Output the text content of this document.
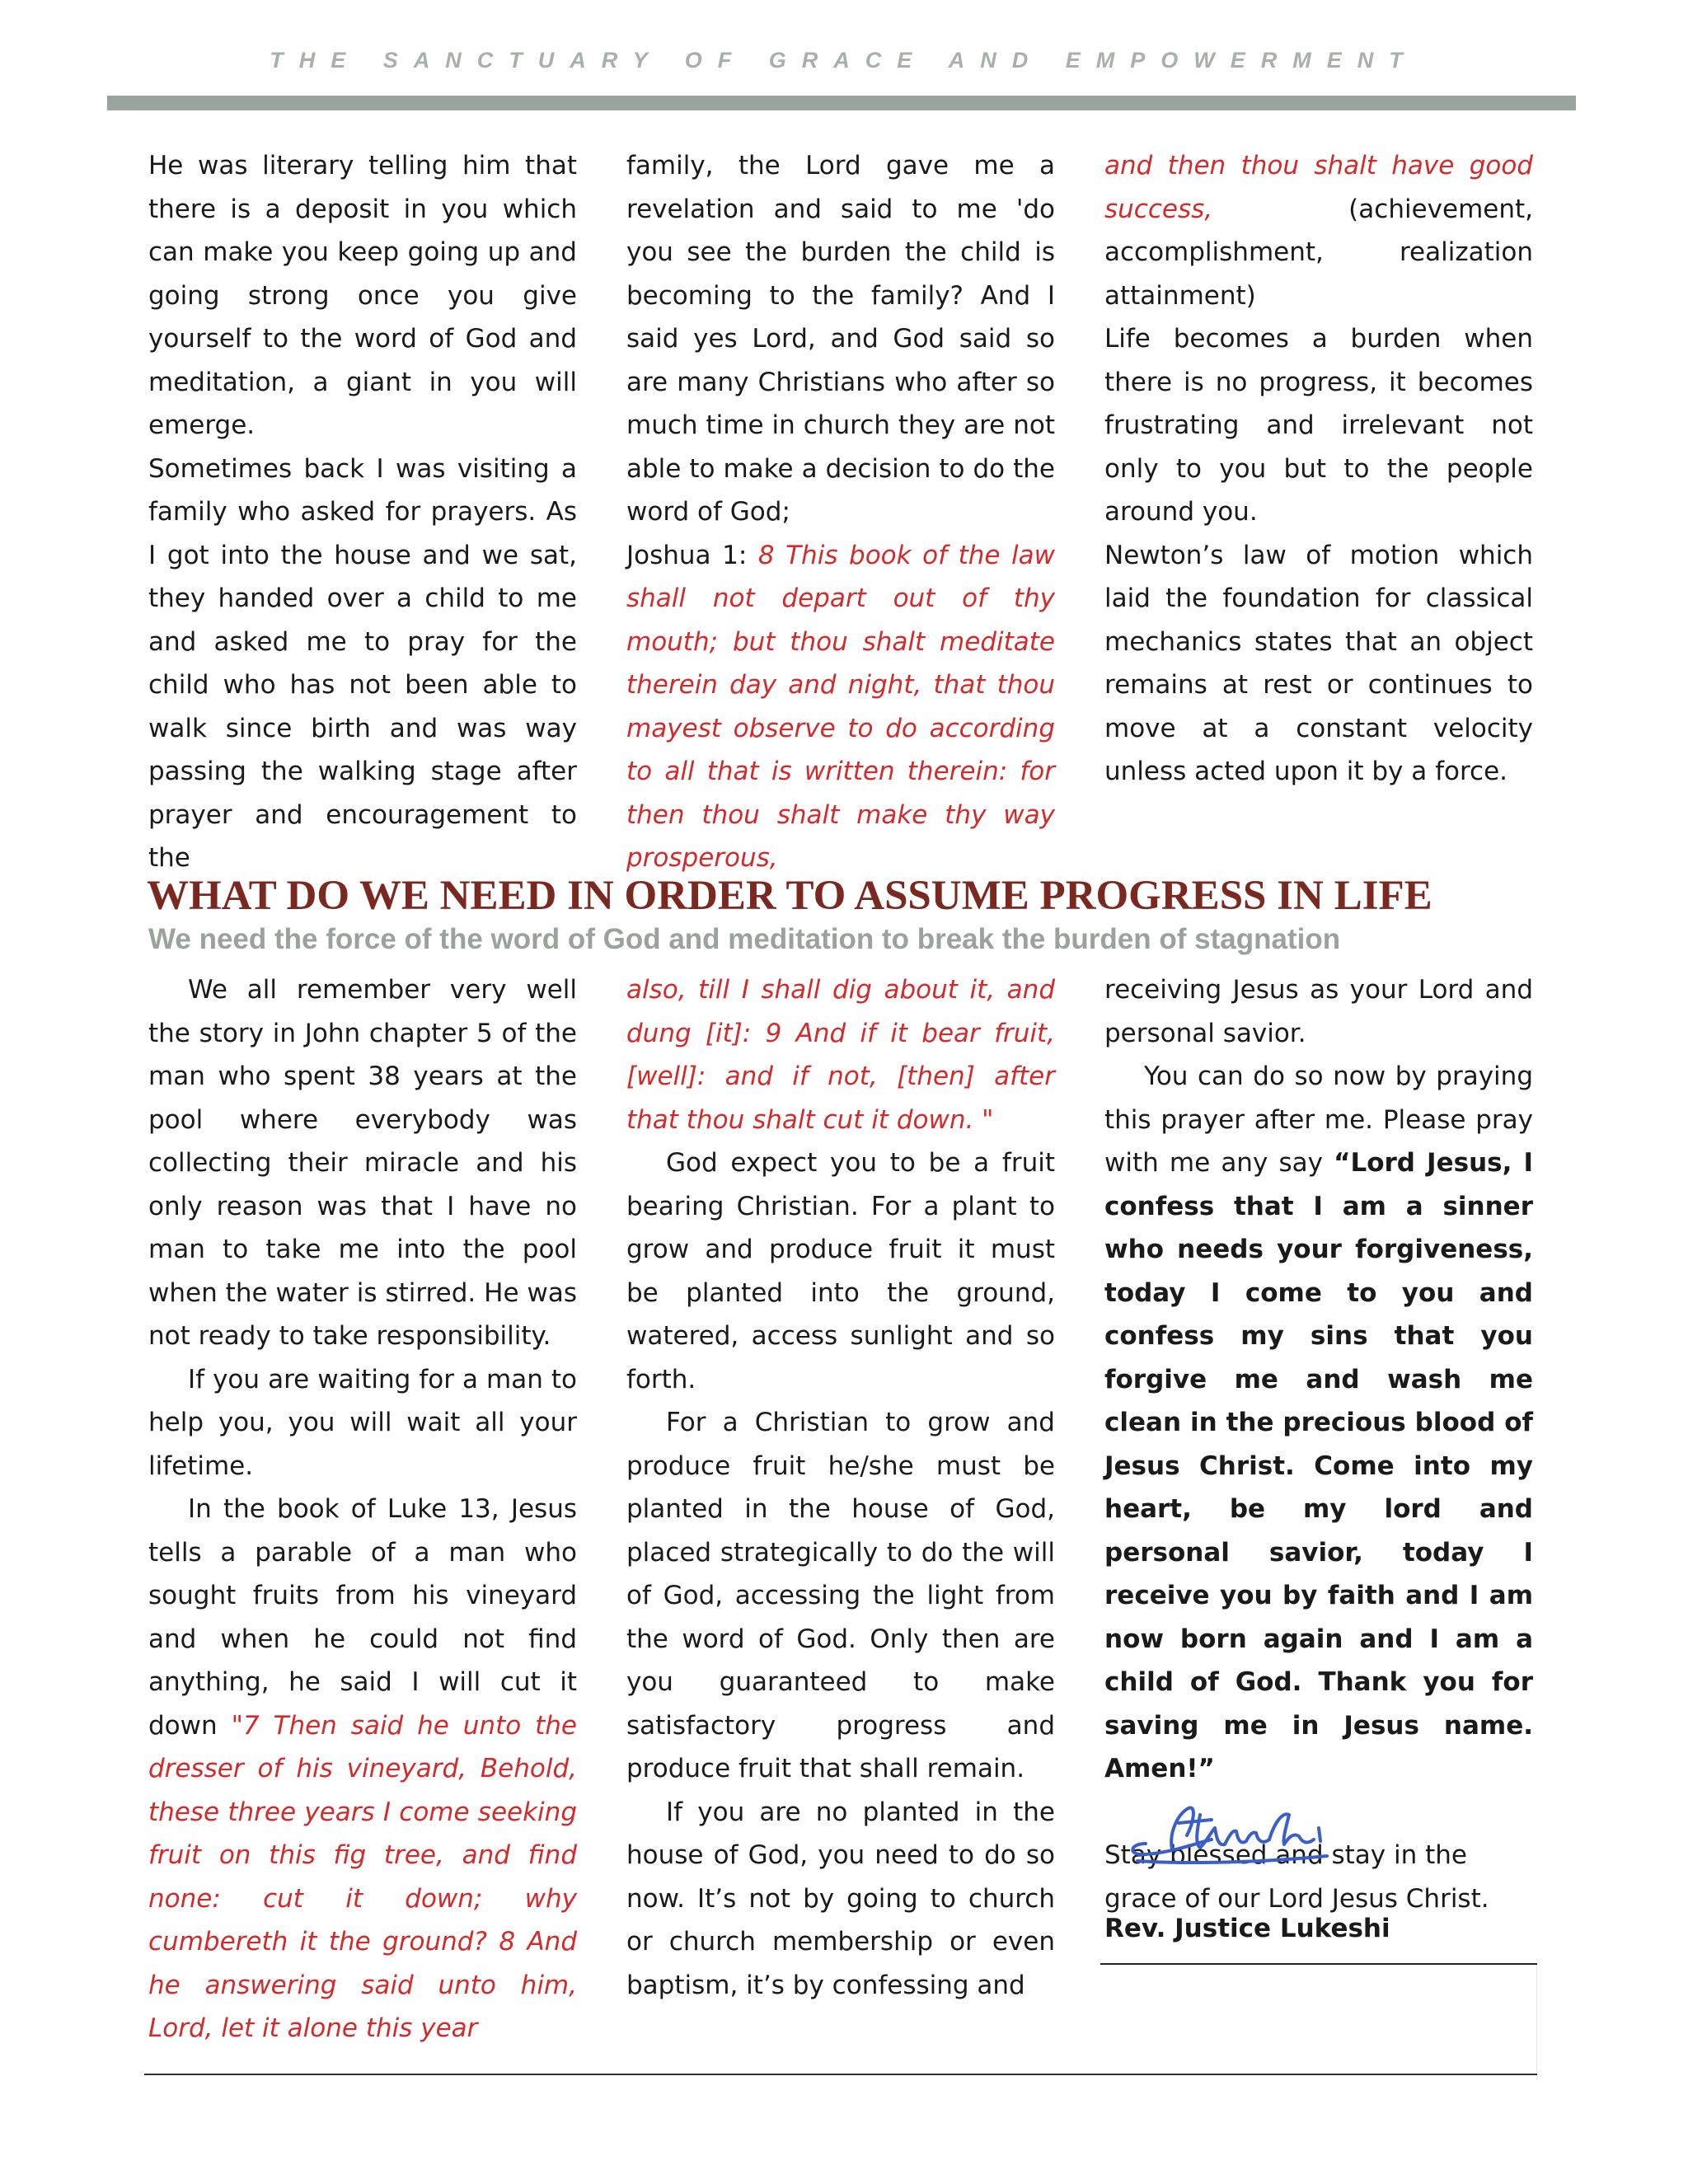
THE SANCTUARY OF GRACE AND EMPOWERMENT

He was literary telling him that there is a deposit in you which can make you keep going up and going strong once you give yourself to the word of God and meditation, a giant in you will emerge.

Sometimes back I was visiting a family who asked for prayers. As I got into the house and we sat, they handed over a child to me and asked me to pray for the child who has not been able to walk since birth and was way passing the walking stage after prayer and encouragement to the

family, the Lord gave me a revelation and said to me 'do you see the burden the child is becoming to the family? And I said yes Lord, and God said so are many Christians who after so much time in church they are not able to make a decision to do the word of God;

Joshua 1: 8 This book of the law shall not depart out of thy mouth; but thou shalt meditate therein day and night, that thou mayest observe to do according to all that is written therein: for then thou shalt make thy way prosperous,

and then thou shalt have good success, (achievement, accomplishment, realization attainment)

Life becomes a burden when there is no progress, it becomes frustrating and irrelevant not only to you but to the people around you.

Newton’s law of motion which laid the foundation for classical mechanics states that an object remains at rest or continues to move at a constant velocity unless acted upon it by a force.

WHAT DO WE NEED IN ORDER TO ASSUME PROGRESS IN LIFE
We need the force of the word of God and meditation to break the burden of stagnation

We all remember very well the story in John chapter 5 of the man who spent 38 years at the pool where everybody was collecting their miracle and his only reason was that I have no man to take me into the pool when the water is stirred. He was not ready to take responsibility.

If you are waiting for a man to help you, you will wait all your lifetime.

In the book of Luke 13, Jesus tells a parable of a man who sought fruits from his vineyard and when he could not find anything, he said I will cut it down "7 Then said he unto the dresser of his vineyard, Behold, these three years I come seeking fruit on this fig tree, and find none: cut it down; why cumbereth it the ground? 8 And he answering said unto him, Lord, let it alone this year

also, till I shall dig about it, and dung [it]: 9 And if it bear fruit, [well]: and if not, [then] after that thou shalt cut it down. "

God expect you to be a fruit bearing Christian. For a plant to grow and produce fruit it must be planted into the ground, watered, access sunlight and so forth.

For a Christian to grow and produce fruit he/she must be planted in the house of God, placed strategically to do the will of God, accessing the light from the word of God. Only then are you guaranteed to make satisfactory progress and produce fruit that shall remain.

If you are no planted in the house of God, you need to do so now. It’s not by going to church or church membership or even baptism, it’s by confessing and

receiving Jesus as your Lord and personal savior.

You can do so now by praying this prayer after me. Please pray with me any say “Lord Jesus, I confess that I am a sinner who needs your forgiveness, today I come to you and confess my sins that you forgive me and wash me clean in the precious blood of Jesus Christ. Come into my heart, be my lord and personal savior, today I receive you by faith and I am now born again and I am a child of God. Thank you for saving me in Jesus name. Amen!”

Stay blessed and stay in the grace of our Lord Jesus Christ.

Rev. Justice Lukeshi
